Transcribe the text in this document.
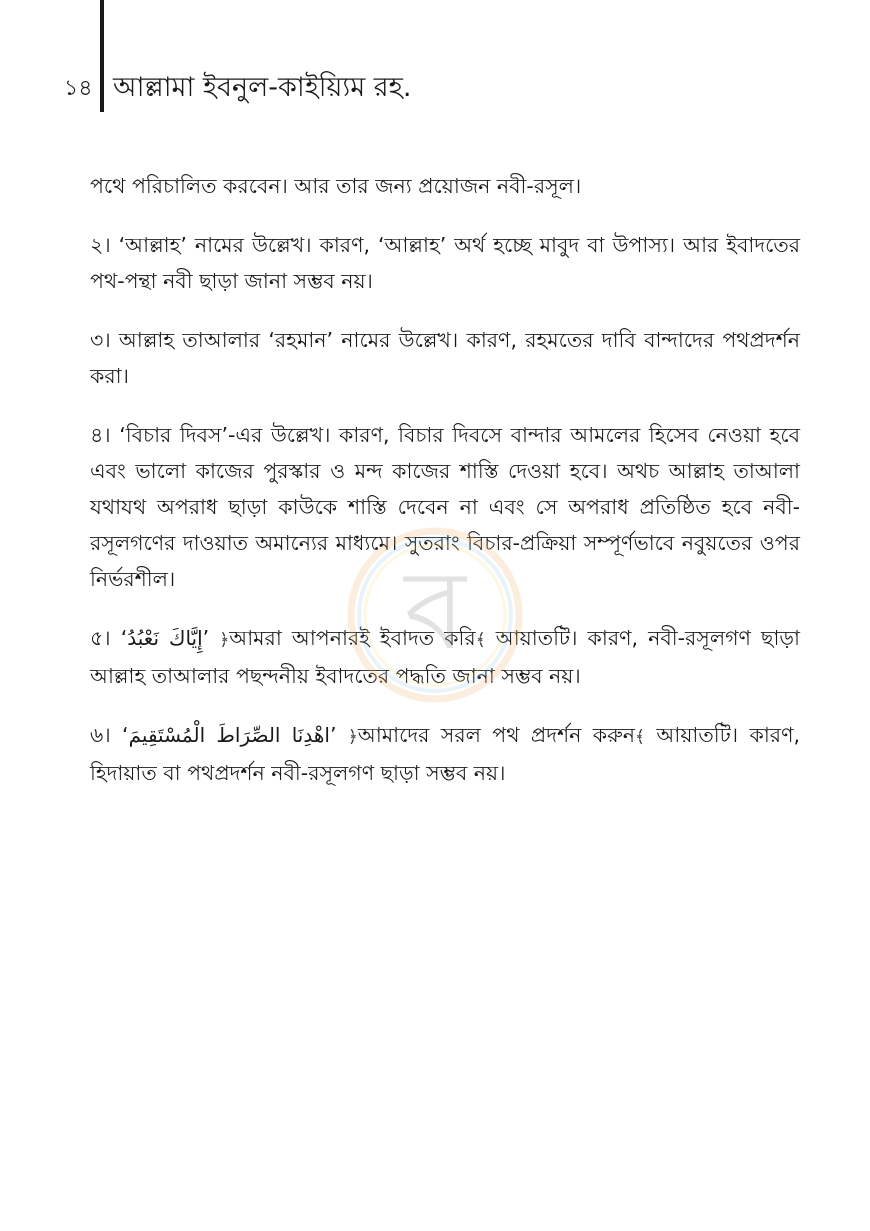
১৪ আল্লামা ইবনুল-কাইয়্যিম রহ.

পথে পরিচালিত করবেন। আর তার জন্য প্রয়োজন নবী-রসূল।

২। ‘আল্লাহ’ নামের উল্লেখ। কারণ, ‘আল্লাহ’ অর্থ হচ্ছে মাবুদ বা উপাস্য। আর ইবাদতের পথ-পন্থা নবী ছাড়া জানা সম্ভব নয়।

৩। আল্লাহ তাআলার ‘রহমান’ নামের উল্লেখ। কারণ, রহমতের দাবি বান্দাদের পথপ্রদর্শন করা।

৪। ‘বিচার দিবস’-এর উল্লেখ। কারণ, বিচার দিবসে বান্দার আমলের হিসেব নেওয়া হবে এবং ভালো কাজের পুরস্কার ও মন্দ কাজের শাস্তি দেওয়া হবে। অথচ আল্লাহ তাআলা যথাযথ অপরাধ ছাড়া কাউকে শাস্তি দেবেন না এবং সে অপরাধ প্রতিষ্ঠিত হবে নবী-রসূলগণের দাওয়াত অমান্যের মাধ্যমে। সুতরাং বিচার-প্রক্রিয়া সম্পূর্ণভাবে নবুয়তের ওপর নির্ভরশীল।

৫। ‘إِيَّاكَ نَعْبُدُ’ ﴿আমরা আপনারই ইবাদত করি﴾ আয়াতটি। কারণ, নবী-রসূলগণ ছাড়া আল্লাহ তাআলার পছন্দনীয় ইবাদতের পদ্ধতি জানা সম্ভব নয়।

৬। ‘اهْدِنَا الصِّرَاطَ الْمُسْتَقِيمَ’ ﴿আমাদের সরল পথ প্রদর্শন করুন﴾ আয়াতটি। কারণ, হিদায়াত বা পথপ্রদর্শন নবী-রসূলগণ ছাড়া সম্ভব নয়।

ব
